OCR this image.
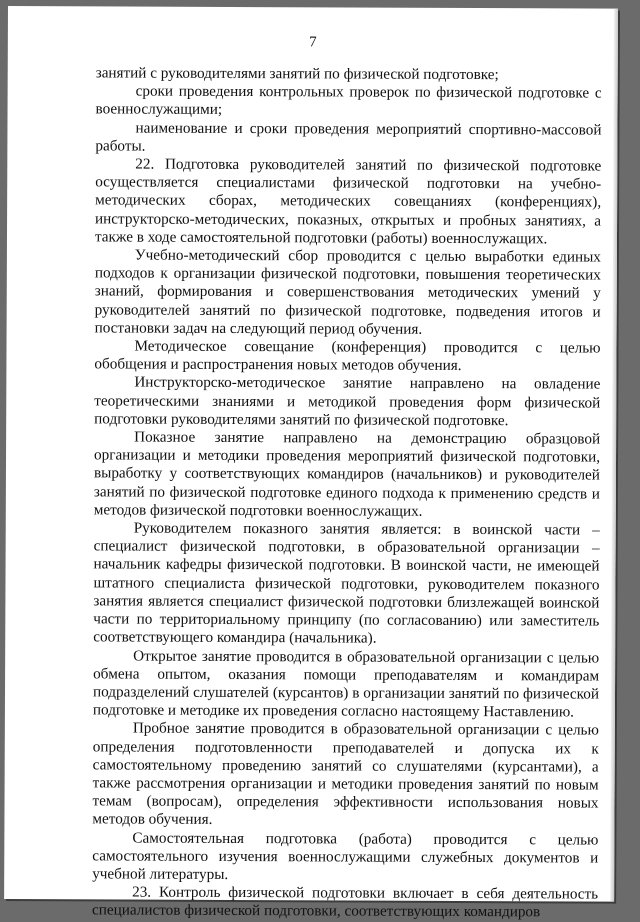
7

занятий с руководителями занятий по физической подготовке;

сроки проведения контрольных проверок по физической подготовке с военнослужащими;

наименование и сроки проведения мероприятий спортивно-массовой работы.

22. Подготовка руководителей занятий по физической подготовке осуществляется специалистами физической подготовки на учебно-методических сборах, методических совещаниях (конференциях), инструкторско-методических, показных, открытых и пробных занятиях, а также в ходе самостоятельной подготовки (работы) военнослужащих.

Учебно-методический сбор проводится с целью выработки единых подходов к организации физической подготовки, повышения теоретических знаний, формирования и совершенствования методических умений у руководителей занятий по физической подготовке, подведения итогов и постановки задач на следующий период обучения.

Методическое совещание (конференция) проводится с целью обобщения и распространения новых методов обучения.

Инструкторско-методическое занятие направлено на овладение теоретическими знаниями и методикой проведения форм физической подготовки руководителями занятий по физической подготовке.

Показное занятие направлено на демонстрацию образцовой организации и методики проведения мероприятий физической подготовки, выработку у соответствующих командиров (начальников) и руководителей занятий по физической подготовке единого подхода к применению средств и методов физической подготовки военнослужащих.

Руководителем показного занятия является: в воинской части – специалист физической подготовки, в образовательной организации – начальник кафедры физической подготовки. В воинской части, не имеющей штатного специалиста физической подготовки, руководителем показного занятия является специалист физической подготовки близлежащей воинской части по территориальному принципу (по согласованию) или заместитель соответствующего командира (начальника).

Открытое занятие проводится в образовательной организации с целью обмена опытом, оказания помощи преподавателям и командирам подразделений слушателей (курсантов) в организации занятий по физической подготовке и методике их проведения согласно настоящему Наставлению.

Пробное занятие проводится в образовательной организации с целью определения подготовленности преподавателей и допуска их к самостоятельному проведению занятий со слушателями (курсантами), а также рассмотрения организации и методики проведения занятий по новым темам (вопросам), определения эффективности использования новых методов обучения.

Самостоятельная подготовка (работа) проводится с целью самостоятельного изучения военнослужащими служебных документов и учебной литературы.

23. Контроль физической подготовки включает в себя деятельность специалистов физической подготовки, соответствующих командиров
